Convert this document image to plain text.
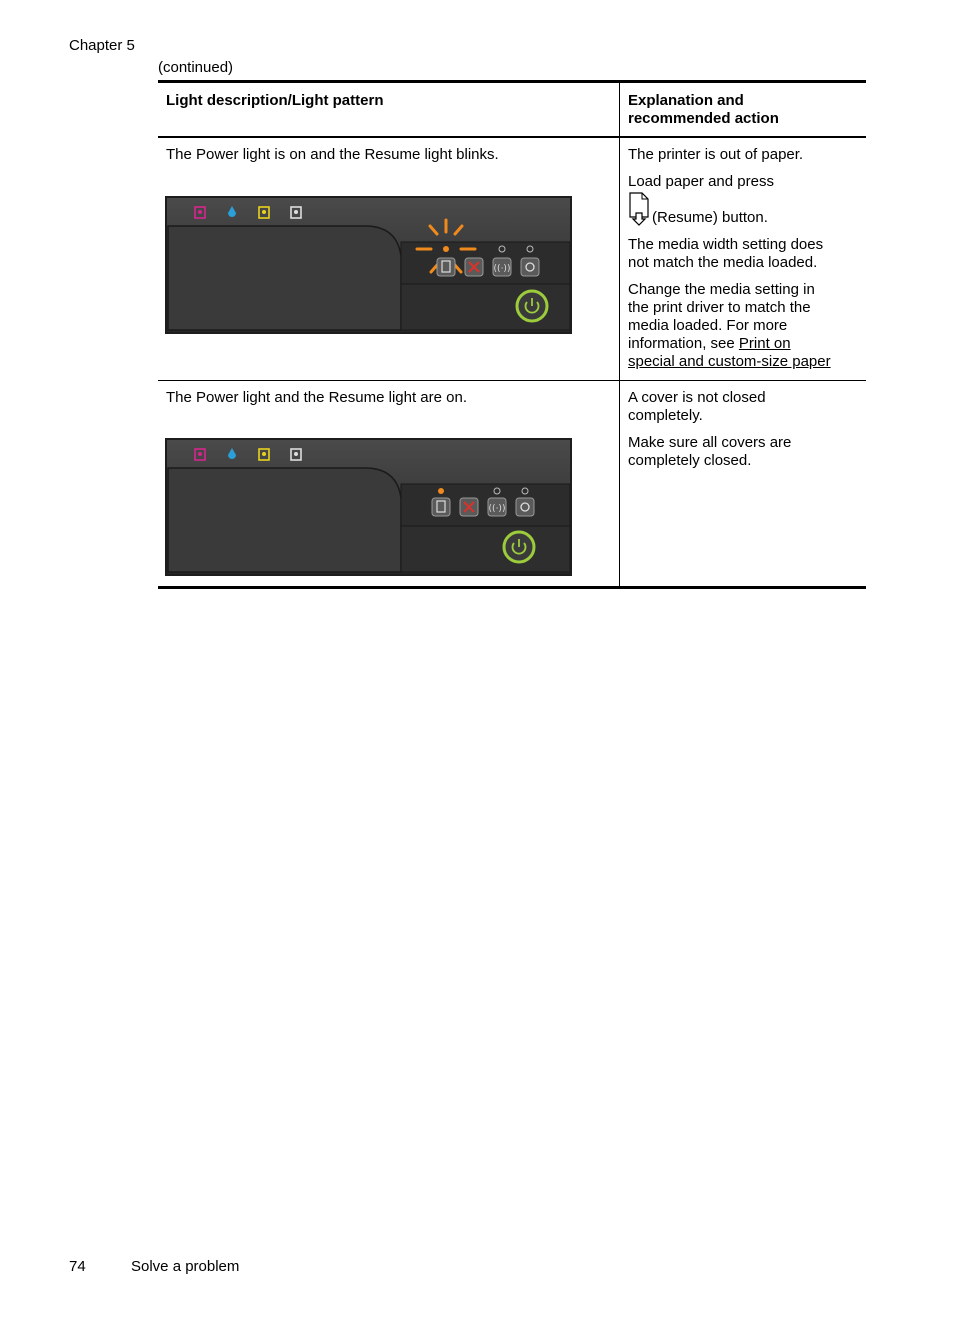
Chapter 5
(continued)
Light description/Light pattern	Explanation and
recommended action
The Power light is on and the Resume light blinks.
((·))

The printer is out of paper.

Load paper and press

(Resume) button.

The media width setting does
not match the media loaded.

Change the media setting in
the print driver to match the
media loaded. For more
information, see Print on
special and custom-size paper

The Power light and the Resume light are on.
((·))

A cover is not closed
completely.

Make sure all covers are
completely closed.

74	Solve a problem
